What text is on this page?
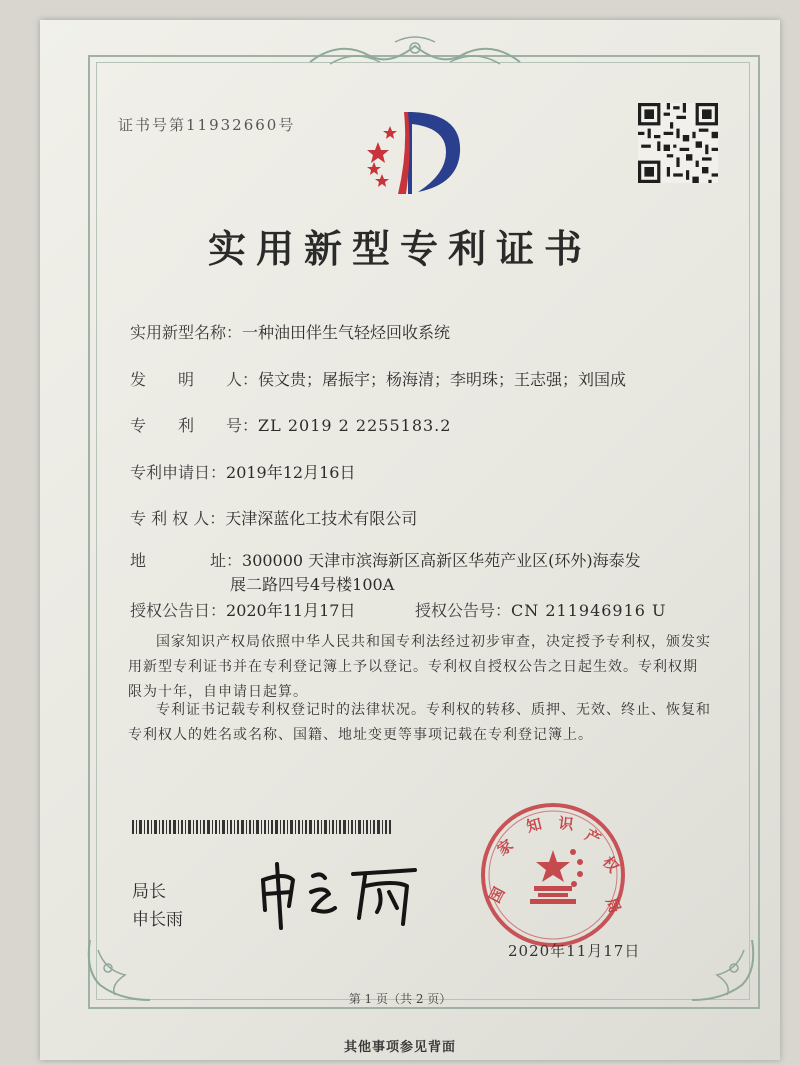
证书号第11932660号
实用新型专利证书
实用新型名称：一种油田伴生气轻烃回收系统
发　　明　　人：侯文贵；屠振宇；杨海清；李明珠；王志强；刘国成
专　　利　　号：ZL 2019 2 2255183.2
专利申请日：2019年12月16日
专 利 权 人：天津深蓝化工技术有限公司
地　　　　址：300000 天津市滨海新区高新区华苑产业区(环外)海泰发
展二路四号4号楼100A
授权公告日：2020年11月17日	授权公告号：CN 211946916 U
国家知识产权局依照中华人民共和国专利法经过初步审查，决定授予专利权，颁发实用新型专利证书并在专利登记簿上予以登记。专利权自授权公告之日起生效。专利权期限为十年，自申请日起算。
专利证书记载专利权登记时的法律状况。专利权的转移、质押、无效、终止、恢复和专利权人的姓名或名称、国籍、地址变更等事项记载在专利登记簿上。
局长
申长雨
国
家
知 识
产
权
局
2020年11月17日
第 1 页（共 2 页）
其他事项参见背面
